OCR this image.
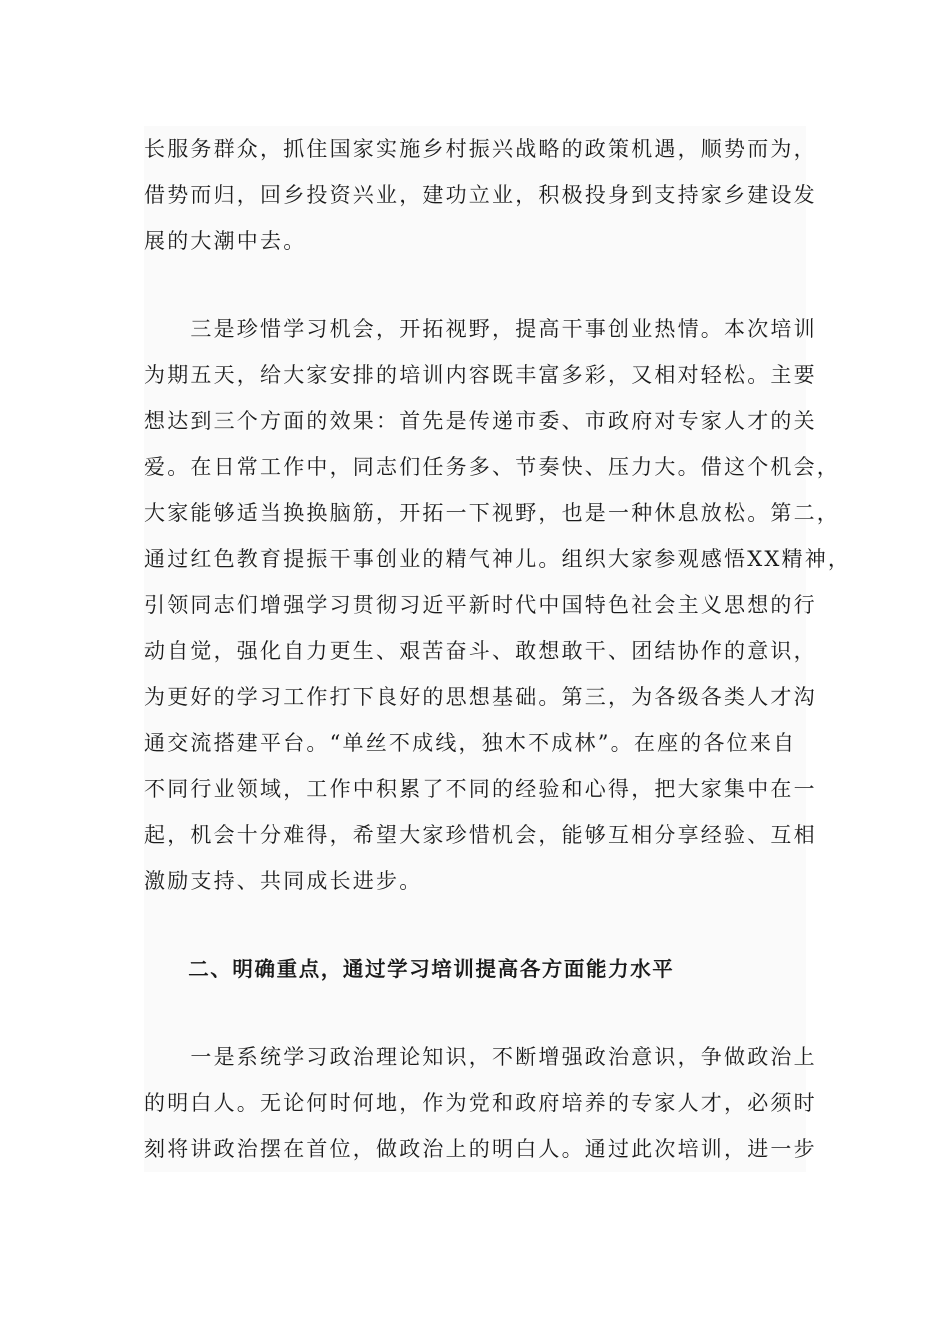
长服务群众，抓住国家实施乡村振兴战略的政策机遇，顺势而为，
借势而归，回乡投资兴业，建功立业，积极投身到支持家乡建设发
展的大潮中去。
　　三是珍惜学习机会，开拓视野，提高干事创业热情。本次培训
为期五天，给大家安排的培训内容既丰富多彩，又相对轻松。主要
想达到三个方面的效果：首先是传递市委、市政府对专家人才的关
爱。在日常工作中，同志们任务多、节奏快、压力大。借这个机会，
大家能够适当换换脑筋，开拓一下视野，也是一种休息放松。第二，
通过红色教育提振干事创业的精气神儿。组织大家参观感悟XX精神，
引领同志们增强学习贯彻习近平新时代中国特色社会主义思想的行
动自觉，强化自力更生、艰苦奋斗、敢想敢干、团结协作的意识，
为更好的学习工作打下良好的思想基础。第三，为各级各类人才沟
通交流搭建平台。“单丝不成线，独木不成林”。在座的各位来自
不同行业领域，工作中积累了不同的经验和心得，把大家集中在一
起，机会十分难得，希望大家珍惜机会，能够互相分享经验、互相
激励支持、共同成长进步。
　　二、明确重点，通过学习培训提高各方面能力水平
　　一是系统学习政治理论知识，不断增强政治意识，争做政治上
的明白人。无论何时何地，作为党和政府培养的专家人才，必须时
刻将讲政治摆在首位，做政治上的明白人。通过此次培训，进一步
